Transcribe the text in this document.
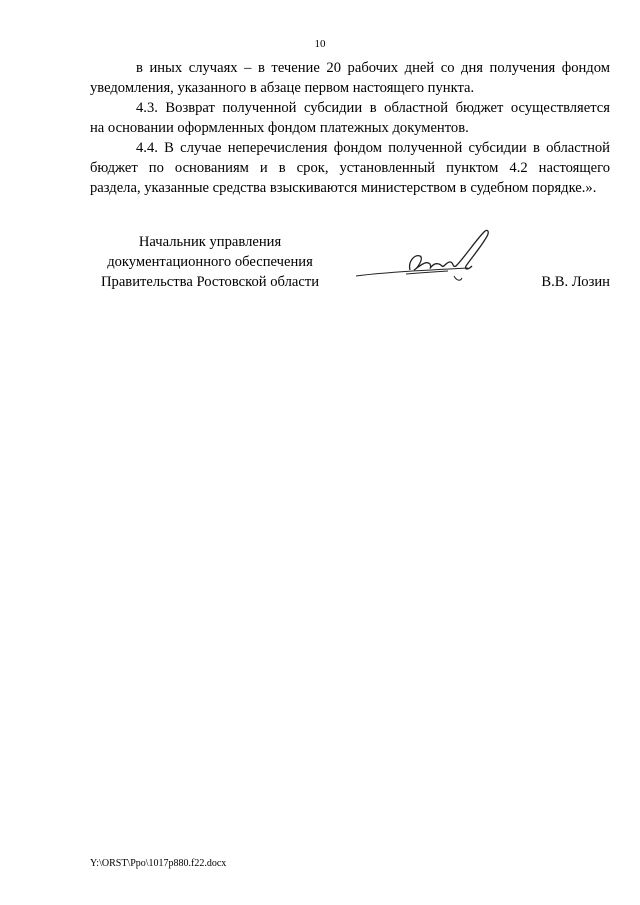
10

в иных случаях – в течение 20 рабочих дней со дня получения фондом
уведомления, указанного в абзаце первом настоящего пункта.

4.3. Возврат полученной субсидии в областной бюджет осуществляется
на основании оформленных фондом платежных документов.

4.4. В случае неперечисления фондом полученной субсидии в областной
бюджет по основаниям и в срок, установленный пунктом 4.2 настоящего
раздела, указанные средства взыскиваются министерством в судебном порядке.».

Начальник управления
документационного обеспечения
Правительства Ростовской области	В.В. Лозин
Y:\ORST\Ppo\1017p880.f22.docx
